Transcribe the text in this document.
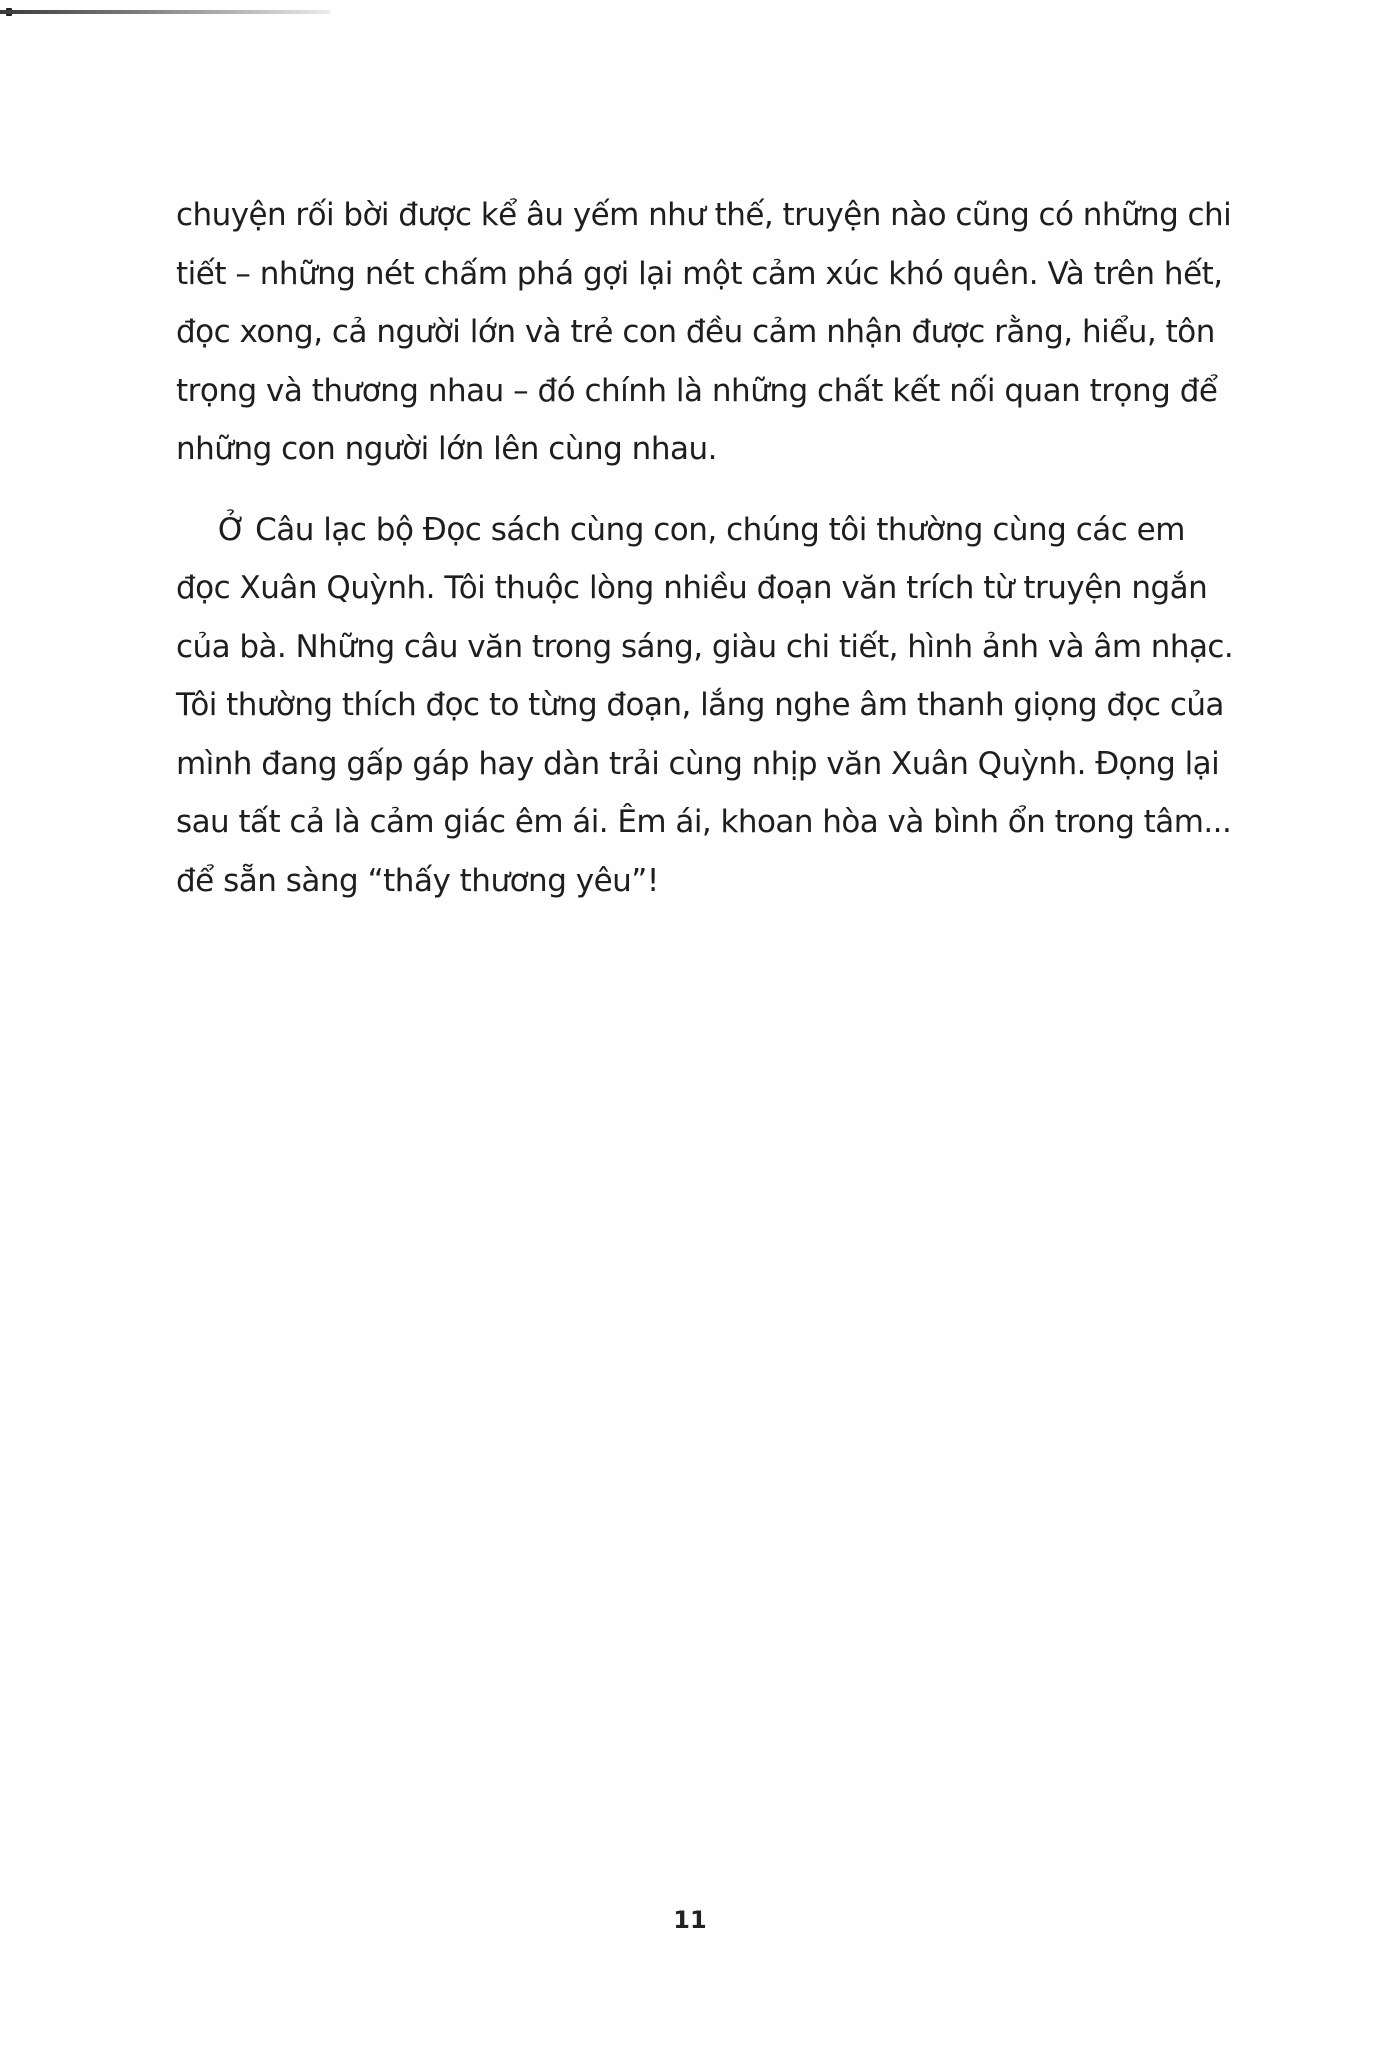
chuyện rối bời được kể âu yếm như thế, truyện nào cũng có những chi
tiết – những nét chấm phá gợi lại một cảm xúc khó quên. Và trên hết,
đọc xong, cả người lớn và trẻ con đều cảm nhận được rằng, hiểu, tôn
trọng và thương nhau – đó chính là những chất kết nối quan trọng để
những con người lớn lên cùng nhau.
Ở Câu lạc bộ Đọc sách cùng con, chúng tôi thường cùng các em
đọc Xuân Quỳnh. Tôi thuộc lòng nhiều đoạn văn trích từ truyện ngắn
của bà. Những câu văn trong sáng, giàu chi tiết, hình ảnh và âm nhạc.
Tôi thường thích đọc to từng đoạn, lắng nghe âm thanh giọng đọc của
mình đang gấp gáp hay dàn trải cùng nhịp văn Xuân Quỳnh. Đọng lại
sau tất cả là cảm giác êm ái. Êm ái, khoan hòa và bình ổn trong tâm...
để sẵn sàng “thấy thương yêu”!
11
